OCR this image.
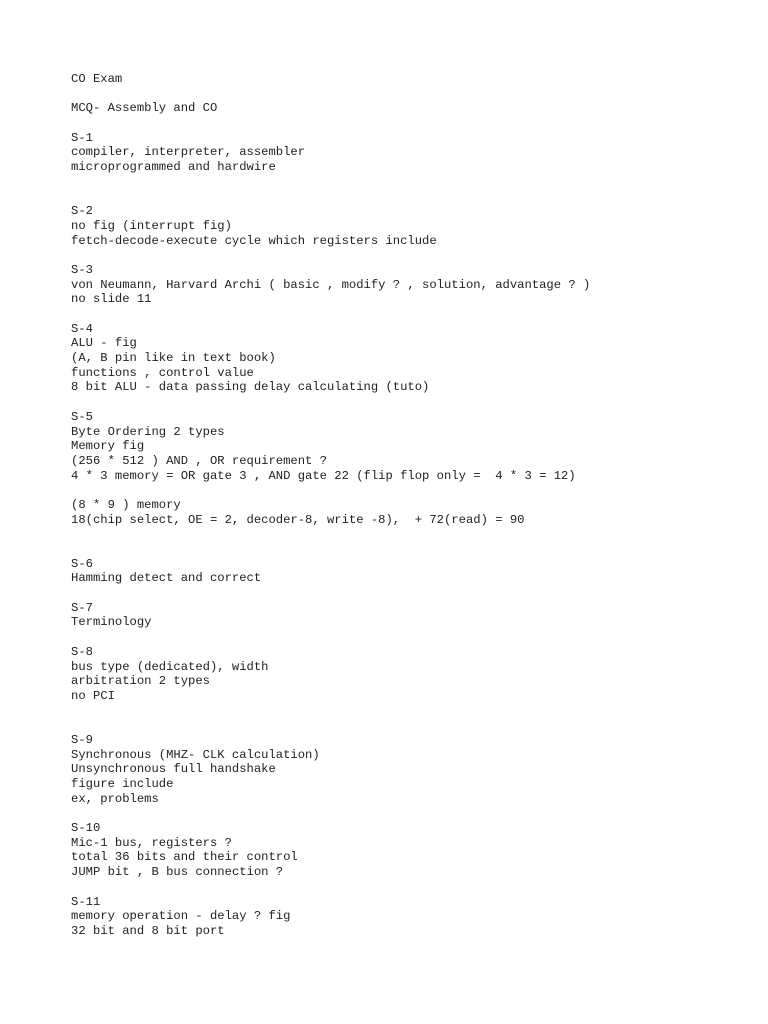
CO Exam
MCQ- Assembly and CO
S-1
compiler, interpreter, assembler
microprogrammed and hardwire
S-2
no fig (interrupt fig)
fetch-decode-execute cycle which registers include
S-3
von Neumann, Harvard Archi ( basic , modify ? , solution, advantage ? )
no slide 11
S-4
ALU - fig
(A, B pin like in text book)
functions , control value
8 bit ALU - data passing delay calculating (tuto)
S-5
Byte Ordering 2 types
Memory fig
(256 * 512 ) AND , OR requirement ?
4 * 3 memory = OR gate 3 , AND gate 22 (flip flop only =  4 * 3 = 12)
(8 * 9 ) memory
18(chip select, OE = 2, decoder-8, write -8),  + 72(read) = 90
S-6
Hamming detect and correct
S-7
Terminology
S-8
bus type (dedicated), width
arbitration 2 types
no PCI
S-9
Synchronous (MHZ- CLK calculation)
Unsynchronous full handshake
figure include
ex, problems
S-10
Mic-1 bus, registers ?
total 36 bits and their control
JUMP bit , B bus connection ?
S-11
memory operation - delay ? fig
32 bit and 8 bit port
